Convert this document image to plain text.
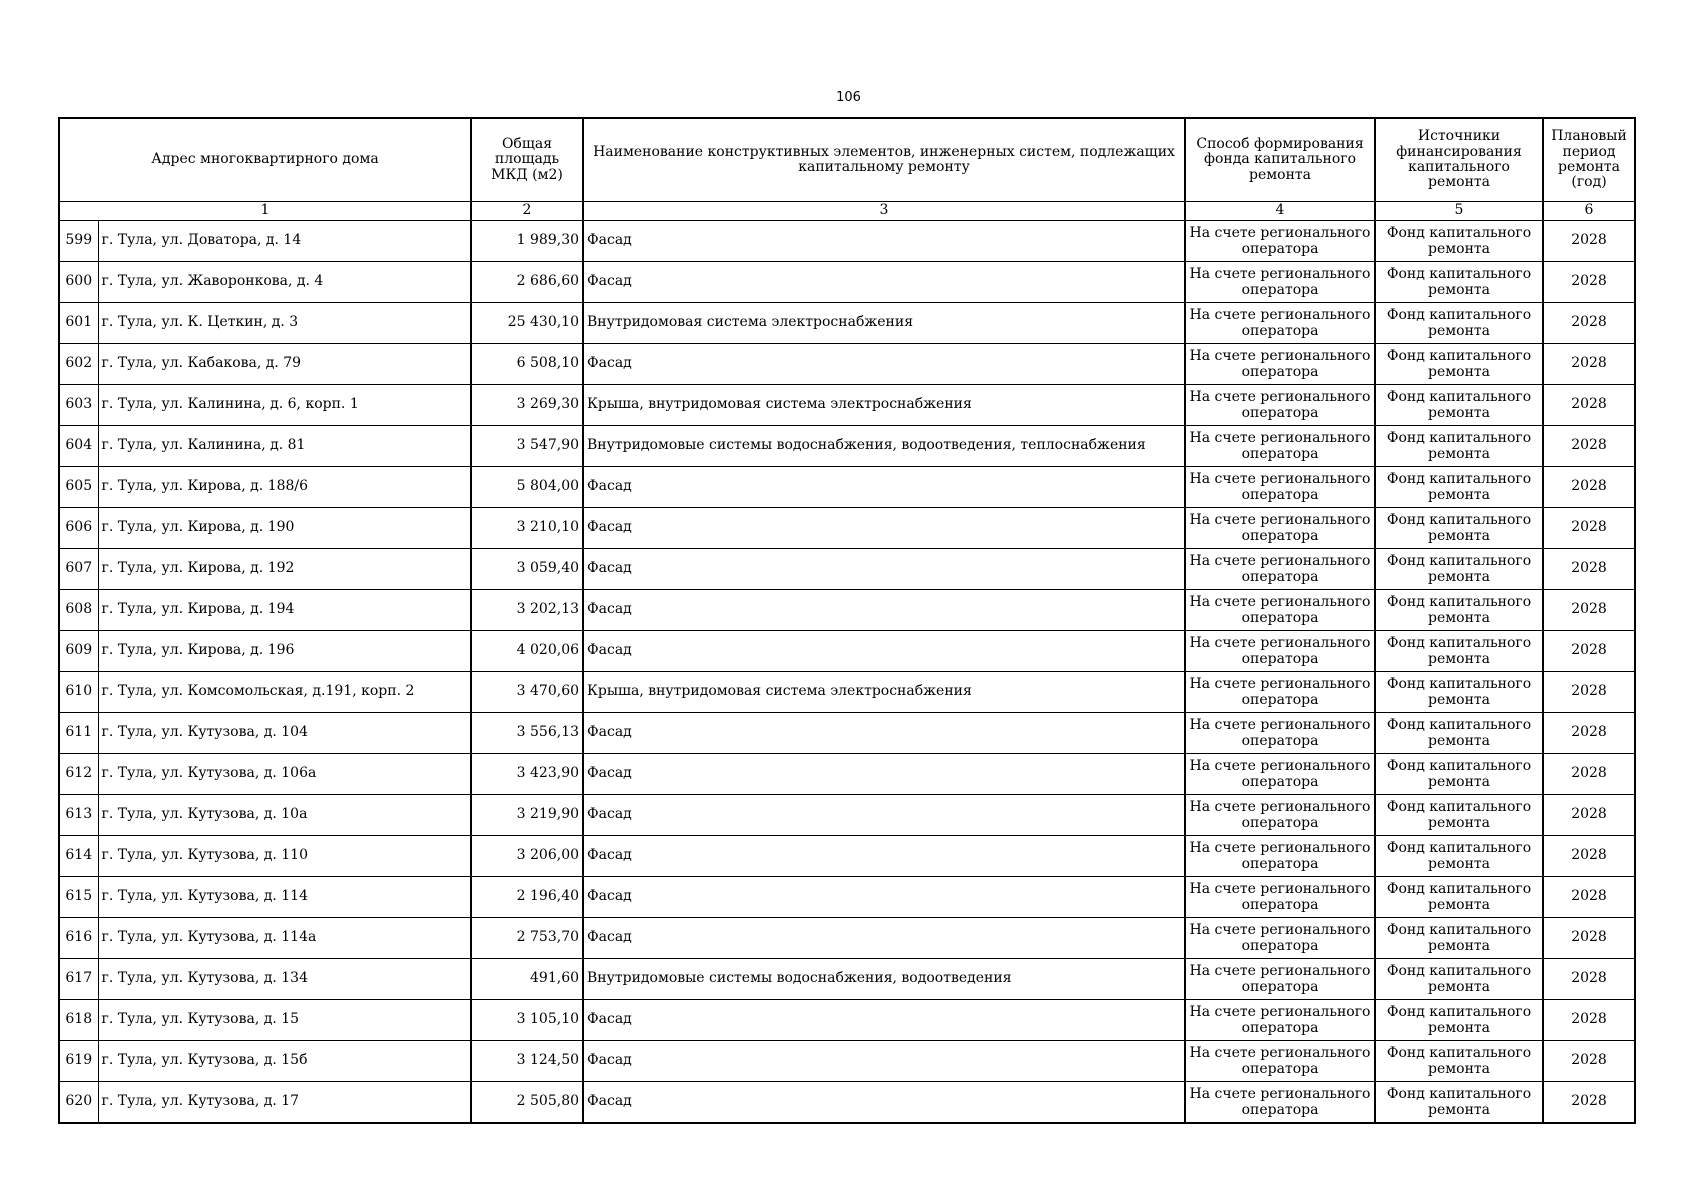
106
Адрес многоквартирного дома		Общая площадь МКД (м2)	Наименование конструктивных элементов, инженерных систем, подлежащих капитальному ремонту	Способ формирования фонда капитального ремонта	Источники финансирования капитального ремонта	Плановый период ремонта (год)
1		2	3	4	5	6
599	г. Тула, ул. Доватора, д. 14	1 989,30	Фасад	На счете регионального оператора	Фонд капитального ремонта	2028
600	г. Тула, ул. Жаворонкова, д. 4	2 686,60	Фасад	На счете регионального оператора	Фонд капитального ремонта	2028
601	г. Тула, ул. К. Цеткин, д. 3	25 430,10	Внутридомовая система электроснабжения	На счете регионального оператора	Фонд капитального ремонта	2028
602	г. Тула, ул. Кабакова, д. 79	6 508,10	Фасад	На счете регионального оператора	Фонд капитального ремонта	2028
603	г. Тула, ул. Калинина, д. 6, корп. 1	3 269,30	Крыша, внутридомовая система электроснабжения	На счете регионального оператора	Фонд капитального ремонта	2028
604	г. Тула, ул. Калинина, д. 81	3 547,90	Внутридомовые системы водоснабжения, водоотведения, теплоснабжения	На счете регионального оператора	Фонд капитального ремонта	2028
605	г. Тула, ул. Кирова, д. 188/6	5 804,00	Фасад	На счете регионального оператора	Фонд капитального ремонта	2028
606	г. Тула, ул. Кирова, д. 190	3 210,10	Фасад	На счете регионального оператора	Фонд капитального ремонта	2028
607	г. Тула, ул. Кирова, д. 192	3 059,40	Фасад	На счете регионального оператора	Фонд капитального ремонта	2028
608	г. Тула, ул. Кирова, д. 194	3 202,13	Фасад	На счете регионального оператора	Фонд капитального ремонта	2028
609	г. Тула, ул. Кирова, д. 196	4 020,06	Фасад	На счете регионального оператора	Фонд капитального ремонта	2028
610	г. Тула, ул. Комсомольская, д.191, корп. 2	3 470,60	Крыша, внутридомовая система электроснабжения	На счете регионального оператора	Фонд капитального ремонта	2028
611	г. Тула, ул. Кутузова, д. 104	3 556,13	Фасад	На счете регионального оператора	Фонд капитального ремонта	2028
612	г. Тула, ул. Кутузова, д. 106а	3 423,90	Фасад	На счете регионального оператора	Фонд капитального ремонта	2028
613	г. Тула, ул. Кутузова, д. 10а	3 219,90	Фасад	На счете регионального оператора	Фонд капитального ремонта	2028
614	г. Тула, ул. Кутузова, д. 110	3 206,00	Фасад	На счете регионального оператора	Фонд капитального ремонта	2028
615	г. Тула, ул. Кутузова, д. 114	2 196,40	Фасад	На счете регионального оператора	Фонд капитального ремонта	2028
616	г. Тула, ул. Кутузова, д. 114а	2 753,70	Фасад	На счете регионального оператора	Фонд капитального ремонта	2028
617	г. Тула, ул. Кутузова, д. 134	491,60	Внутридомовые системы водоснабжения, водоотведения	На счете регионального оператора	Фонд капитального ремонта	2028
618	г. Тула, ул. Кутузова, д. 15	3 105,10	Фасад	На счете регионального оператора	Фонд капитального ремонта	2028
619	г. Тула, ул. Кутузова, д. 15б	3 124,50	Фасад	На счете регионального оператора	Фонд капитального ремонта	2028
620	г. Тула, ул. Кутузова, д. 17	2 505,80	Фасад	На счете регионального оператора	Фонд капитального ремонта	2028
